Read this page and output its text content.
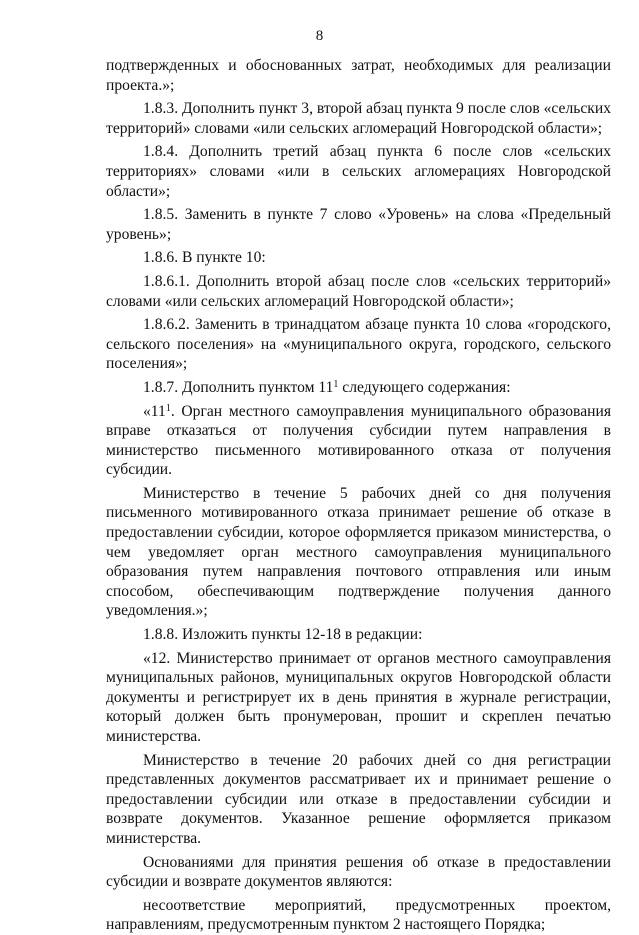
8

подтвержденных и обоснованных затрат, необходимых для реализации проекта.»;

1.8.3. Дополнить пункт 3, второй абзац пункта 9 после слов «сельских территорий» словами «или сельских агломераций Новгородской области»;

1.8.4. Дополнить третий абзац пункта 6 после слов «сельских территориях» словами «или в сельских агломерациях Новгородской области»;

1.8.5. Заменить в пункте 7 слово «Уровень» на слова «Предельный уровень»;

1.8.6. В пункте 10:

1.8.6.1. Дополнить второй абзац после слов «сельских территорий» словами «или сельских агломераций Новгородской области»;

1.8.6.2. Заменить в тринадцатом абзаце пункта 10 слова «городского, сельского поселения» на «муниципального округа, городского, сельского поселения»;

1.8.7. Дополнить пунктом $11^1$ следующего содержания:

«$11^1$. Орган местного самоуправления муниципального образования вправе отказаться от получения субсидии путем направления в министерство письменного мотивированного отказа от получения субсидии.

Министерство в течение 5 рабочих дней со дня получения письменного мотивированного отказа принимает решение об отказе в предоставлении субсидии, которое оформляется приказом министерства, о чем уведомляет орган местного самоуправления муниципального образования путем направления почтового отправления или иным способом, обеспечивающим подтверждение получения данного уведомления.»;

1.8.8. Изложить пункты 12-18 в редакции:

«12. Министерство принимает от органов местного самоуправления муниципальных районов, муниципальных округов Новгородской области документы и регистрирует их в день принятия в журнале регистрации, который должен быть пронумерован, прошит и скреплен печатью министерства.

Министерство в течение 20 рабочих дней со дня регистрации представленных документов рассматривает их и принимает решение о предоставлении субсидии или отказе в предоставлении субсидии и возврате документов. Указанное решение оформляется приказом министерства.

Основаниями для принятия решения об отказе в предоставлении субсидии и возврате документов являются:

несоответствие мероприятий, предусмотренных проектом, направлениям, предусмотренным пунктом 2 настоящего Порядка;
